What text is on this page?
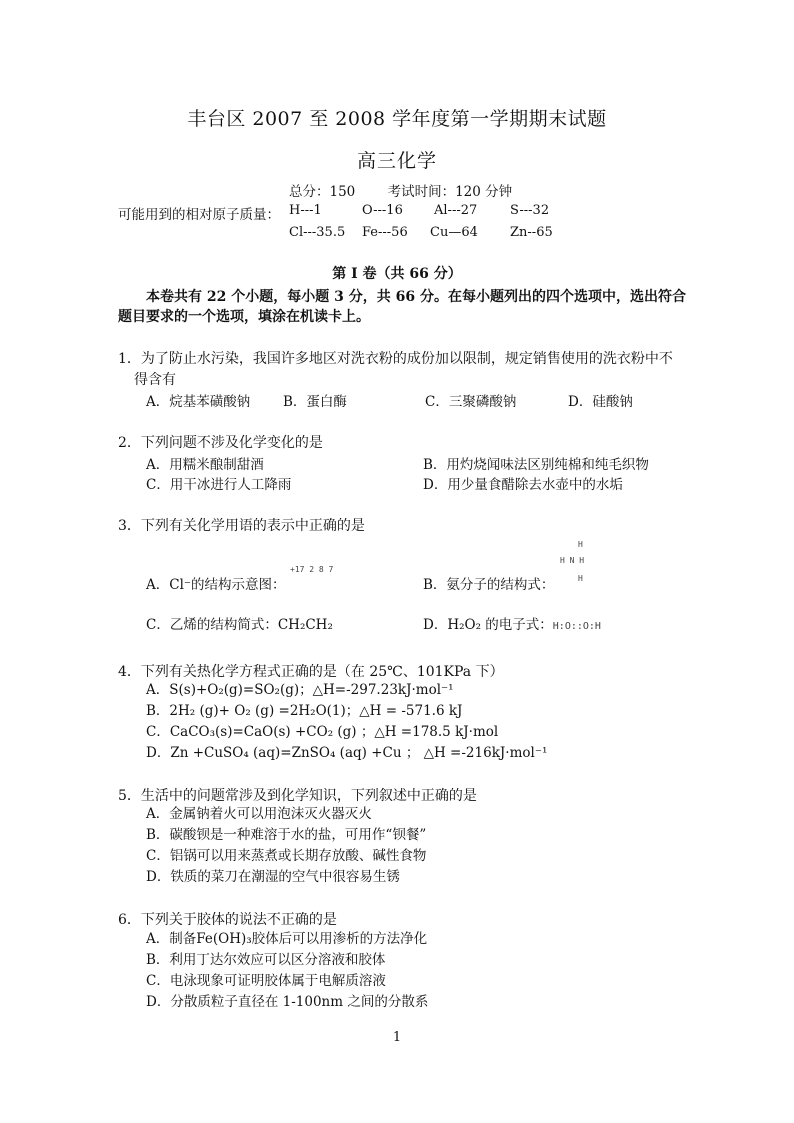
丰台区 2007 至 2008 学年度第一学期期末试题
高三化学
总分：150 考试时间：120 分钟
可能用到的相对原子质量： H---1	O---16 Al---27	S---32
Cl---35.5 Fe---56 Cu—64 Zn--65
第 I 卷（共 66 分）
本卷共有 22 个小题，每小题 3 分，共 66 分。在每小题列出的四个选项中，选出符合
题目要求的一个选项，填涂在机读卡上。
1．为了防止水污染，我国许多地区对洗衣粉的成份加以限制，规定销售使用的洗衣粉中不
得含有
A．烷基苯磺酸钠 B．蛋白酶	C．三聚磷酸钠	D．硅酸钠
2．下列问题不涉及化学变化的是
A．用糯米酿制甜酒	B．用灼烧闻味法区别纯棉和纯毛织物
C．用干冰进行人工降雨	D．用少量食醋除去水壶中的水垢
3．下列有关化学用语的表示中正确的是
A．Cl⁻的结构示意图：
+17 2 8 7
B．氨分子的结构式：
H
H N H
H
C．乙烯的结构简式：CH₂CH₂	D．H₂O₂ 的电子式：H:O::O:H
4．下列有关热化学方程式正确的是（在 25℃、101KPa 下）
A．S(s)+O₂(g)=SO₂(g)；△H=-297.23kJ·mol⁻¹
B．2H₂ (g)+ O₂ (g) =2H₂O(1)；△H = -571.6 kJ
C．CaCO₃(s)=CaO(s) +CO₂ (g) ；△H =178.5 kJ·mol
D．Zn +CuSO₄ (aq)=ZnSO₄ (aq) +Cu ； △H =-216kJ·mol⁻¹
5．生活中的问题常涉及到化学知识，下列叙述中正确的是
A．金属钠着火可以用泡沫灭火器灭火
B．碳酸钡是一种难溶于水的盐，可用作“钡餐”
C．铝锅可以用来蒸煮或长期存放酸、碱性食物
D．铁质的菜刀在潮湿的空气中很容易生锈
6．下列关于胶体的说法不正确的是
A．制备Fe(OH)₃胶体后可以用渗析的方法净化
B．利用丁达尔效应可以区分溶液和胶体
C．电泳现象可证明胶体属于电解质溶液
D．分散质粒子直径在 1-100nm 之间的分散系
1
